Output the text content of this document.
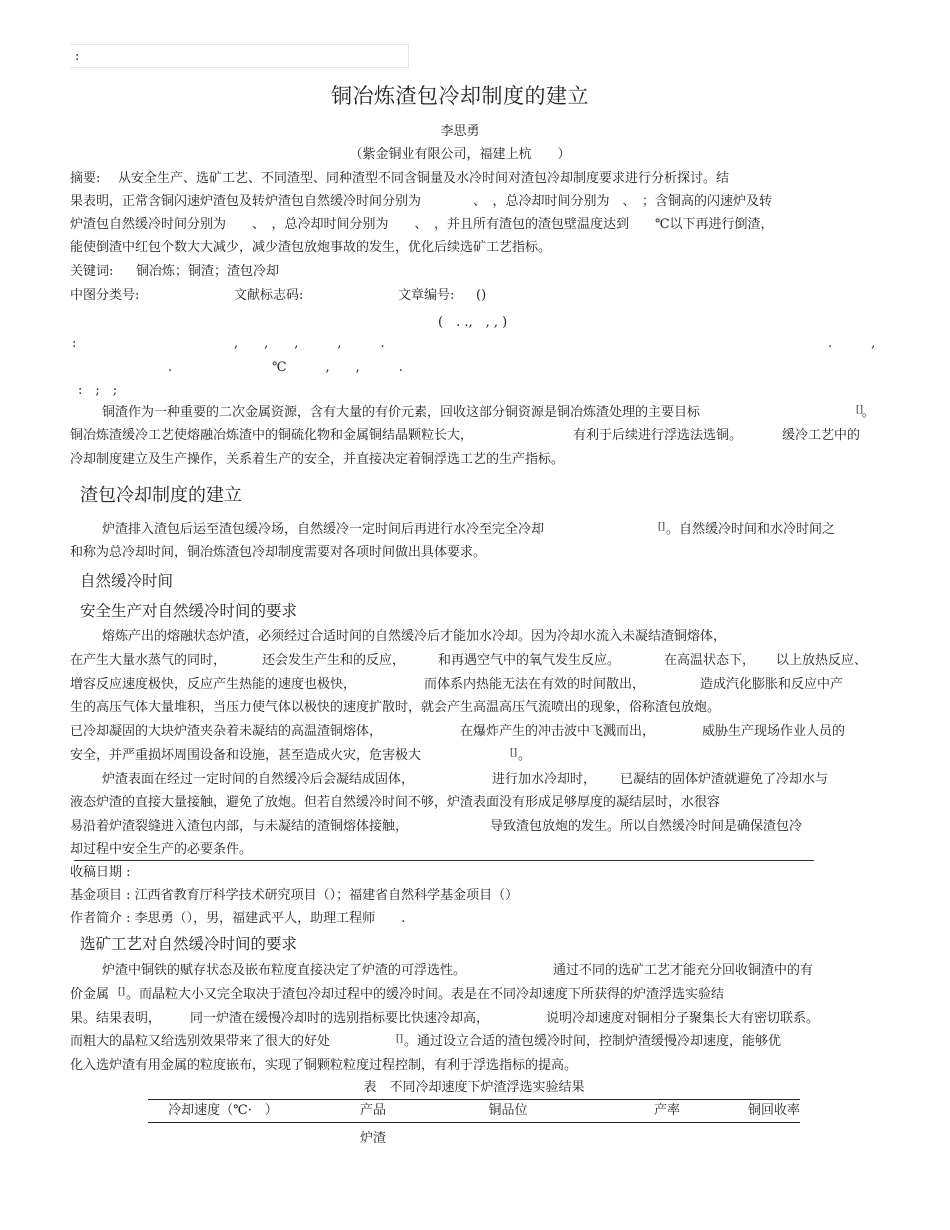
:
铜冶炼渣包冷却制度的建立
李思勇
（紫金铜业有限公司，福建上杭　　）
摘要: 从安全生产、选矿工艺、不同渣型、同种渣型不同含铜量及水冷时间对渣包冷却制度要求进行分析探讨。结
果表明，正常含铜闪速炉渣包及转炉渣包自然缓冷时间分别为　　　　、　，总冷却时间分别为　、　；含铜高的闪速炉及转
炉渣包自然缓冷时间分别为　　、　，总冷却时间分别为　　、　，并且所有渣包的渣包壁温度达到　　℃以下再进行倒渣，
能使倒渣中红包个数大大减少，减少渣包放炮事故的发生，优化后续选矿工艺指标。
关键词: 铜冶炼；铜渣；渣包冷却
中图分类号:	文献标志码:	文章编号: ()
(　. .,　, , )
:	,　　,　　,　　　,　　　.	.　　　,
.	℃　　　,　　,　　　.
:　;　;
铜渣作为一种重要的二次金属资源，含有大量的有价元素，回收这部分铜资源是铜冶炼渣处理的主要目标	[]
。
铜冶炼渣缓冷工艺使熔融冶炼渣中的铜硫化物和金属铜结晶颗粒长大，	有利于后续进行浮选法选铜。	缓冷工艺中的
冷却制度建立及生产操作，关系着生产的安全，并直接决定着铜浮选工艺的生产指标。
渣包冷却制度的建立
炉渣排入渣包后运至渣包缓冷场，自然缓冷一定时间后再进行水冷至完全冷却	[] 。自然缓冷时间和水冷时间之
和称为总冷却时间，铜冶炼渣包冷却制度需要对各项时间做出具体要求。
自然缓冷时间
安全生产对自然缓冷时间的要求
熔炼产出的熔融状态炉渣，必须经过合适时间的自然缓冷后才能加水冷却。因为冷却水流入未凝结渣铜熔体，
在产生大量水蒸气的同时，	还会发生产生和的反应，	和再遇空气中的氧气发生反应。	在高温状态下， 以上放热反应、
增容反应速度极快，反应产生热能的速度也极快，	而体系内热能无法在有效的时间散出，	造成汽化膨胀和反应中产
生的高压气体大量堆积，当压力使气体以极快的速度扩散时，就会产生高温高压气流喷出的现象，俗称渣包放炮。
已冷却凝固的大块炉渣夹杂着未凝结的高温渣铜熔体，	在爆炸产生的冲击波中飞溅而出，	威胁生产现场作业人员的
安全，并严重损坏周围设备和设施，甚至造成火灾，危害极大	[] 。
炉渣表面在经过一定时间的自然缓冷后会凝结成固体，	进行加水冷却时， 已凝结的固体炉渣就避免了冷却水与
液态炉渣的直接大量接触，避免了放炮。但若自然缓冷时间不够，炉渣表面没有形成足够厚度的凝结层时，水很容
易沿着炉渣裂缝进入渣包内部，与未凝结的渣铜熔体接触，	导致渣包放炮的发生。所以自然缓冷时间是确保渣包冷
却过程中安全生产的必要条件。
收稿日期 :
基金项目 : 江西省教育厅科学技术研究项目（）；福建省自然科学基金项目（）
作者简介 : 李思勇（），男，福建武平人，助理工程师　　.
选矿工艺对自然缓冷时间的要求
炉渣中铜铁的赋存状态及嵌布粒度直接决定了炉渣的可浮选性。	通过不同的选矿工艺才能充分回收铜渣中的有
价金属 [] 。而晶粒大小又完全取决于渣包冷却过程中的缓冷时间。表是在不同冷却速度下所获得的炉渣浮选实验结
果。结果表明， 同一炉渣在缓慢冷却时的选别指标要比快速冷却高，	说明冷却速度对铜相分子聚集长大有密切联系。
而粗大的晶粒又给选别效果带来了很大的好处	[] 。通过设立合适的渣包缓冷时间，控制炉渣缓慢冷却速度，能够优
化入选炉渣有用金属的粒度嵌布，实现了铜颗粒粒度过程控制，有利于浮选指标的提高。
表　不同冷却速度下炉渣浮选实验结果
冷却速度（℃·　）	产品	铜品位	产率	铜回收率
炉渣
